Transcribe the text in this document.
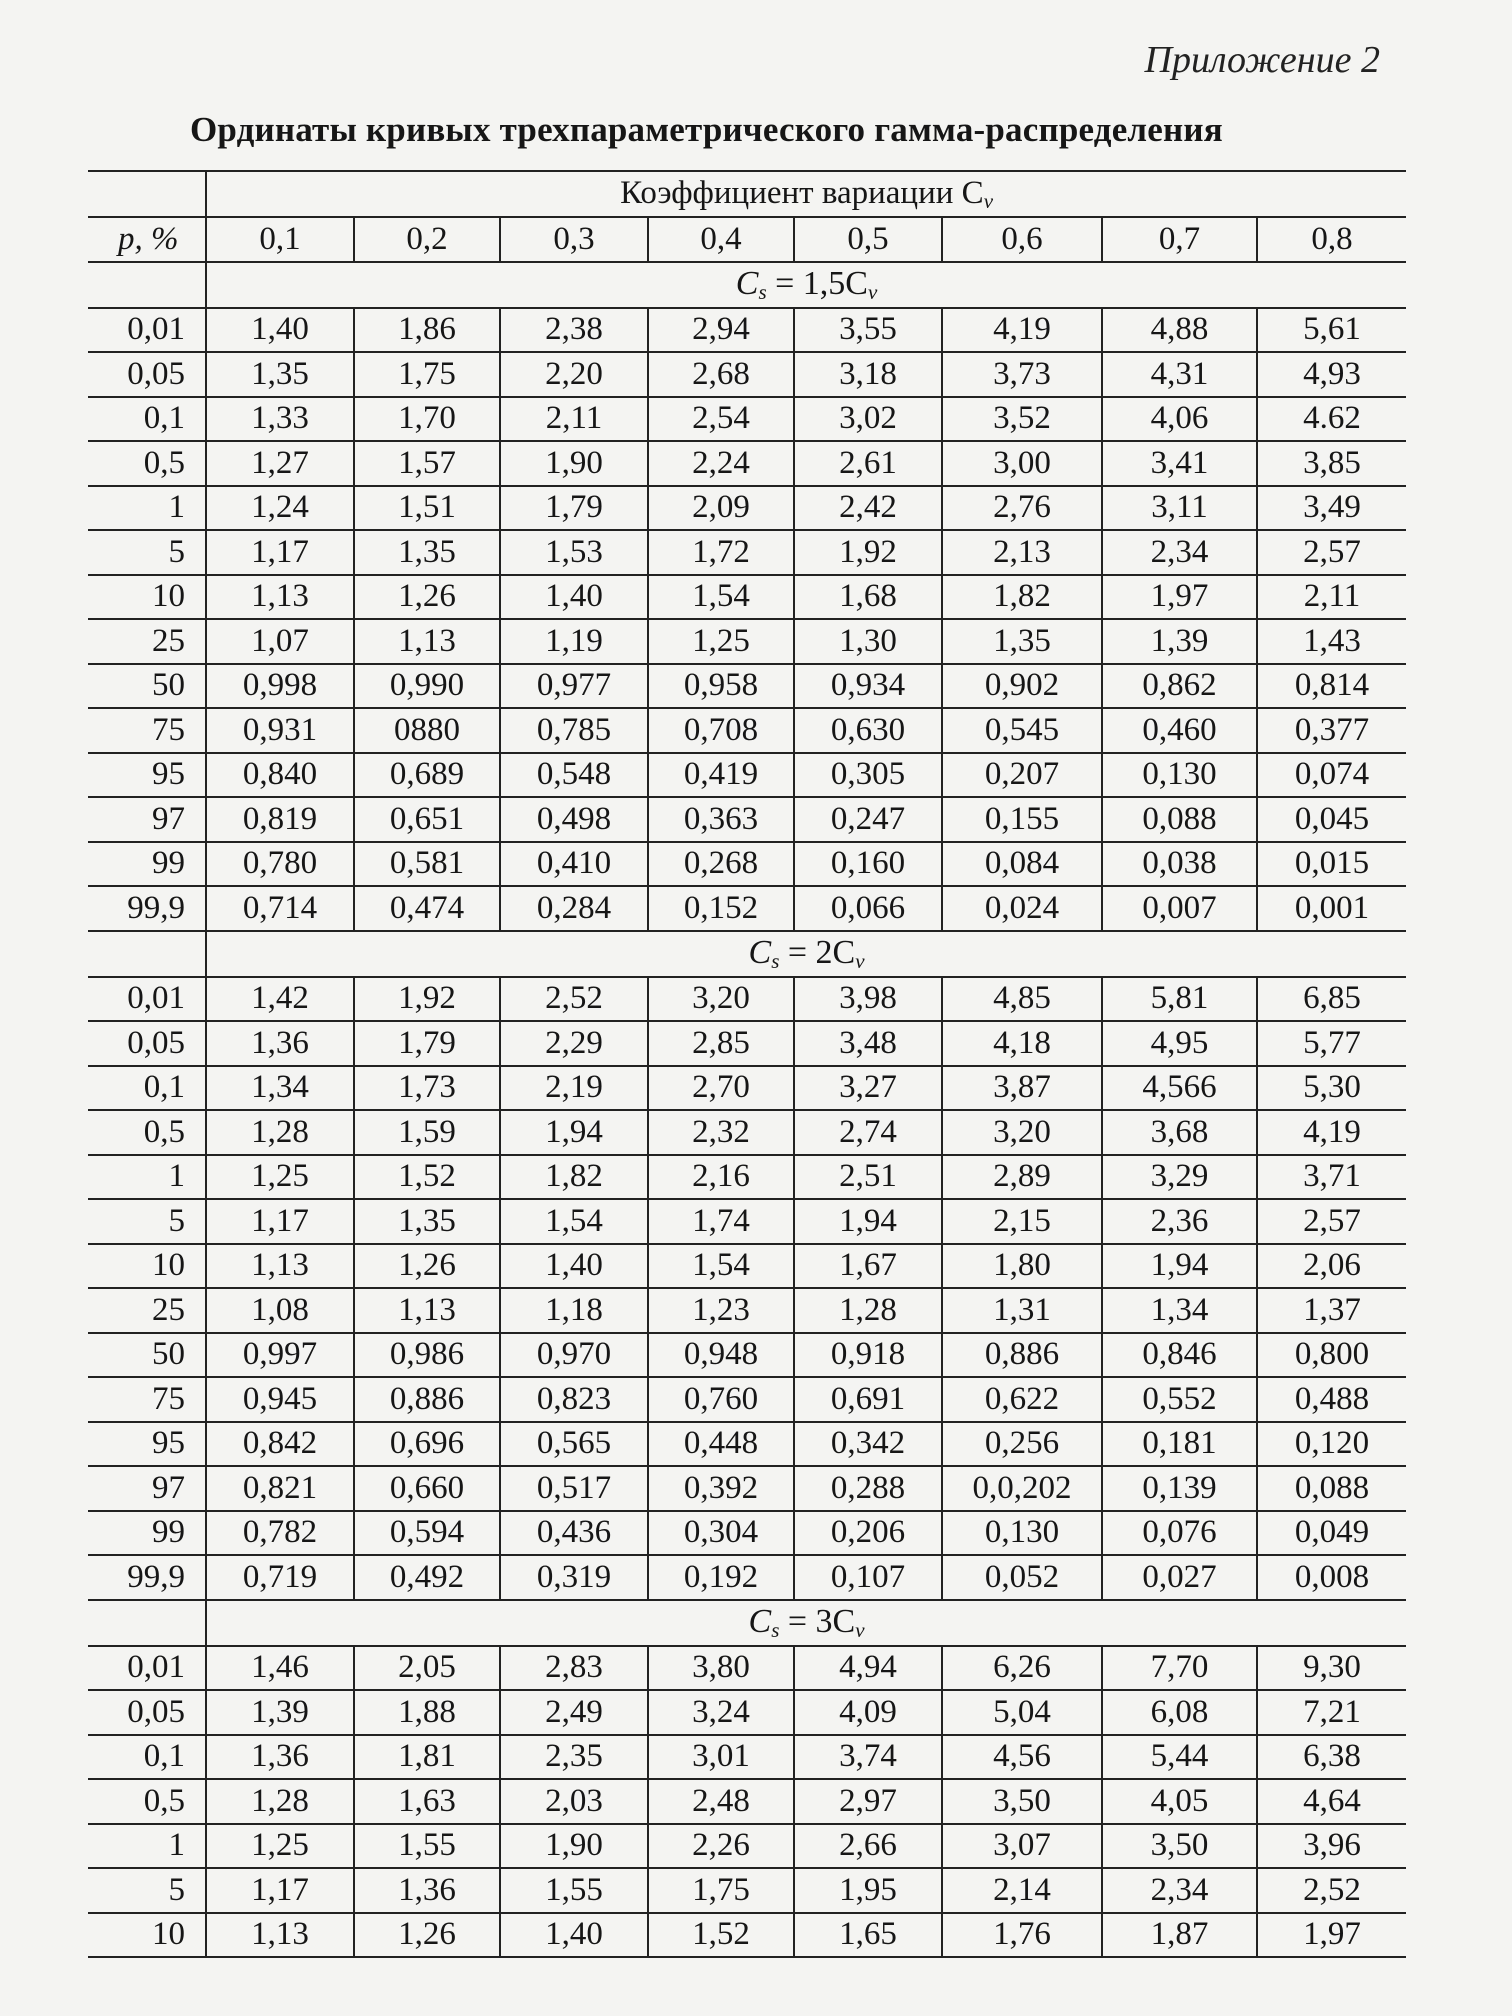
Приложение 2
Ординаты кривых трехпараметрического гамма-распределения
	Коэффициент вариации $C_v$
p, %	0,1	0,2	0,3	0,4	0,5	0,6	0,7	0,8
	$C_s = 1,5C_v$
0,01	1,40	1,86	2,38	2,94	3,55	4,19	4,88	5,61
0,05	1,35	1,75	2,20	2,68	3,18	3,73	4,31	4,93
0,1	1,33	1,70	2,11	2,54	3,02	3,52	4,06	4.62
0,5	1,27	1,57	1,90	2,24	2,61	3,00	3,41	3,85
1	1,24	1,51	1,79	2,09	2,42	2,76	3,11	3,49
5	1,17	1,35	1,53	1,72	1,92	2,13	2,34	2,57
10	1,13	1,26	1,40	1,54	1,68	1,82	1,97	2,11
25	1,07	1,13	1,19	1,25	1,30	1,35	1,39	1,43
50	0,998	0,990	0,977	0,958	0,934	0,902	0,862	0,814
75	0,931	0880	0,785	0,708	0,630	0,545	0,460	0,377
95	0,840	0,689	0,548	0,419	0,305	0,207	0,130	0,074
97	0,819	0,651	0,498	0,363	0,247	0,155	0,088	0,045
99	0,780	0,581	0,410	0,268	0,160	0,084	0,038	0,015
99,9	0,714	0,474	0,284	0,152	0,066	0,024	0,007	0,001
	$C_s = 2C_v$
0,01	1,42	1,92	2,52	3,20	3,98	4,85	5,81	6,85
0,05	1,36	1,79	2,29	2,85	3,48	4,18	4,95	5,77
0,1	1,34	1,73	2,19	2,70	3,27	3,87	4,566	5,30
0,5	1,28	1,59	1,94	2,32	2,74	3,20	3,68	4,19
1	1,25	1,52	1,82	2,16	2,51	2,89	3,29	3,71
5	1,17	1,35	1,54	1,74	1,94	2,15	2,36	2,57
10	1,13	1,26	1,40	1,54	1,67	1,80	1,94	2,06
25	1,08	1,13	1,18	1,23	1,28	1,31	1,34	1,37
50	0,997	0,986	0,970	0,948	0,918	0,886	0,846	0,800
75	0,945	0,886	0,823	0,760	0,691	0,622	0,552	0,488
95	0,842	0,696	0,565	0,448	0,342	0,256	0,181	0,120
97	0,821	0,660	0,517	0,392	0,288	0,0,202	0,139	0,088
99	0,782	0,594	0,436	0,304	0,206	0,130	0,076	0,049
99,9	0,719	0,492	0,319	0,192	0,107	0,052	0,027	0,008
	$C_s = 3C_v$
0,01	1,46	2,05	2,83	3,80	4,94	6,26	7,70	9,30
0,05	1,39	1,88	2,49	3,24	4,09	5,04	6,08	7,21
0,1	1,36	1,81	2,35	3,01	3,74	4,56	5,44	6,38
0,5	1,28	1,63	2,03	2,48	2,97	3,50	4,05	4,64
1	1,25	1,55	1,90	2,26	2,66	3,07	3,50	3,96
5	1,17	1,36	1,55	1,75	1,95	2,14	2,34	2,52
10	1,13	1,26	1,40	1,52	1,65	1,76	1,87	1,97
